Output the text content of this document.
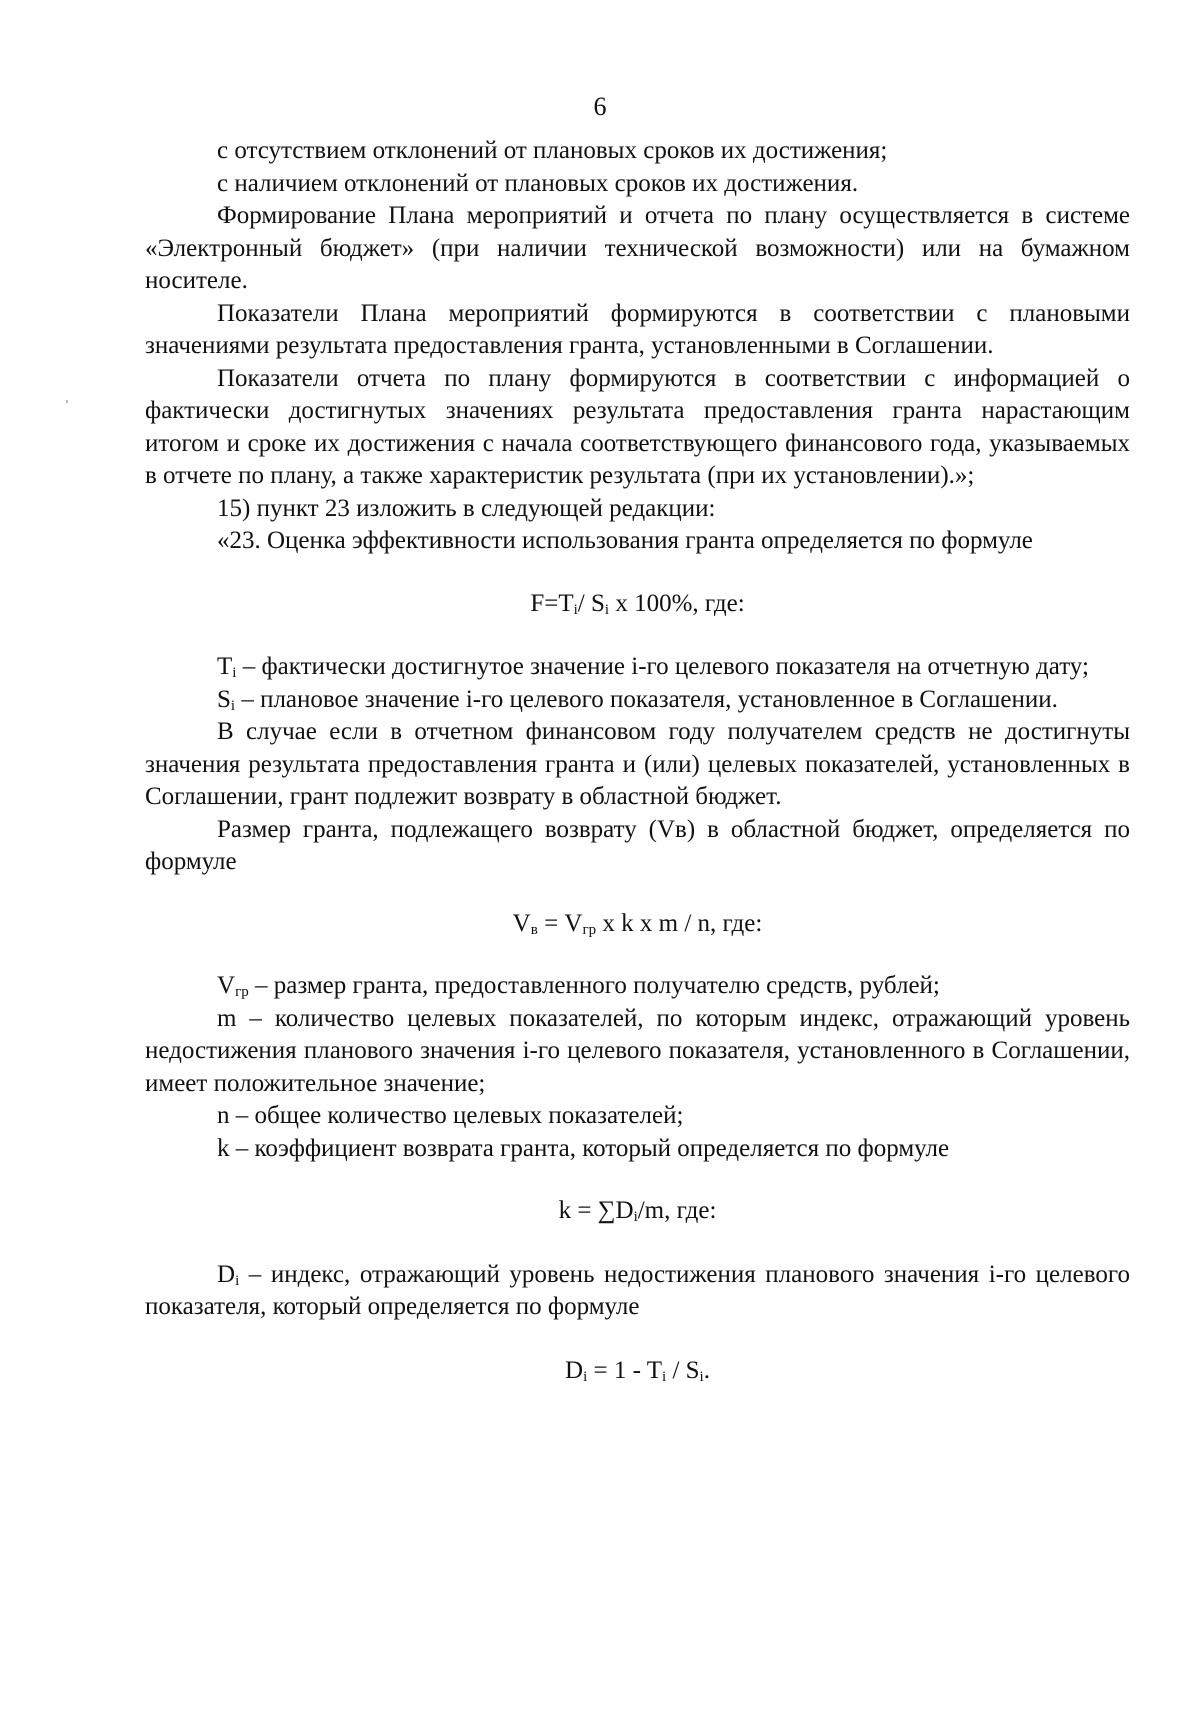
6

с отсутствием отклонений от плановых сроков их достижения;

с наличием отклонений от плановых сроков их достижения.

Формирование Плана мероприятий и отчета по плану осуществляется в системе «Электронный бюджет» (при наличии технической возможности) или на бумажном носителе.

Показатели Плана мероприятий формируются в соответствии с плановыми значениями результата предоставления гранта, установленными в Соглашении.

Показатели отчета по плану формируются в соответствии с информацией о фактически достигнутых значениях результата предоставления гранта нарастающим итогом и сроке их достижения с начала соответствующего финансового года, указываемых в отчете по плану, а также характеристик результата (при их установлении).»;

15) пункт 23 изложить в следующей редакции:

«23. Оценка эффективности использования гранта определяется по формуле

$F=T_i/$ $S_i$ x 100%, где:

$T_i$ – фактически достигнутое значение i-го целевого показателя на отчетную дату;

$S_i$ – плановое значение i-го целевого показателя, установленное в Соглашении.

В случае если в отчетном финансовом году получателем средств не достигнуты значения результата предоставления гранта и (или) целевых показателей, установленных в Соглашении, грант подлежит возврату в областной бюджет.

Размер гранта, подлежащего возврату (Vв) в областной бюджет, определяется по формуле

$V_в = V_{гр}$ x k x m / n, где:

$V_{гр}$ – размер гранта, предоставленного получателю средств, рублей;

m – количество целевых показателей, по которым индекс, отражающий уровень недостижения планового значения i-го целевого показателя, установленного в Соглашении, имеет положительное значение;

n – общее количество целевых показателей;

k – коэффициент возврата гранта, который определяется по формуле

$k = \sum D_i/m$, где:

$D_i$ – индекс, отражающий уровень недостижения планового значения i-го целевого показателя, который определяется по формуле

$D_i = 1 - T_i / S_i$.
